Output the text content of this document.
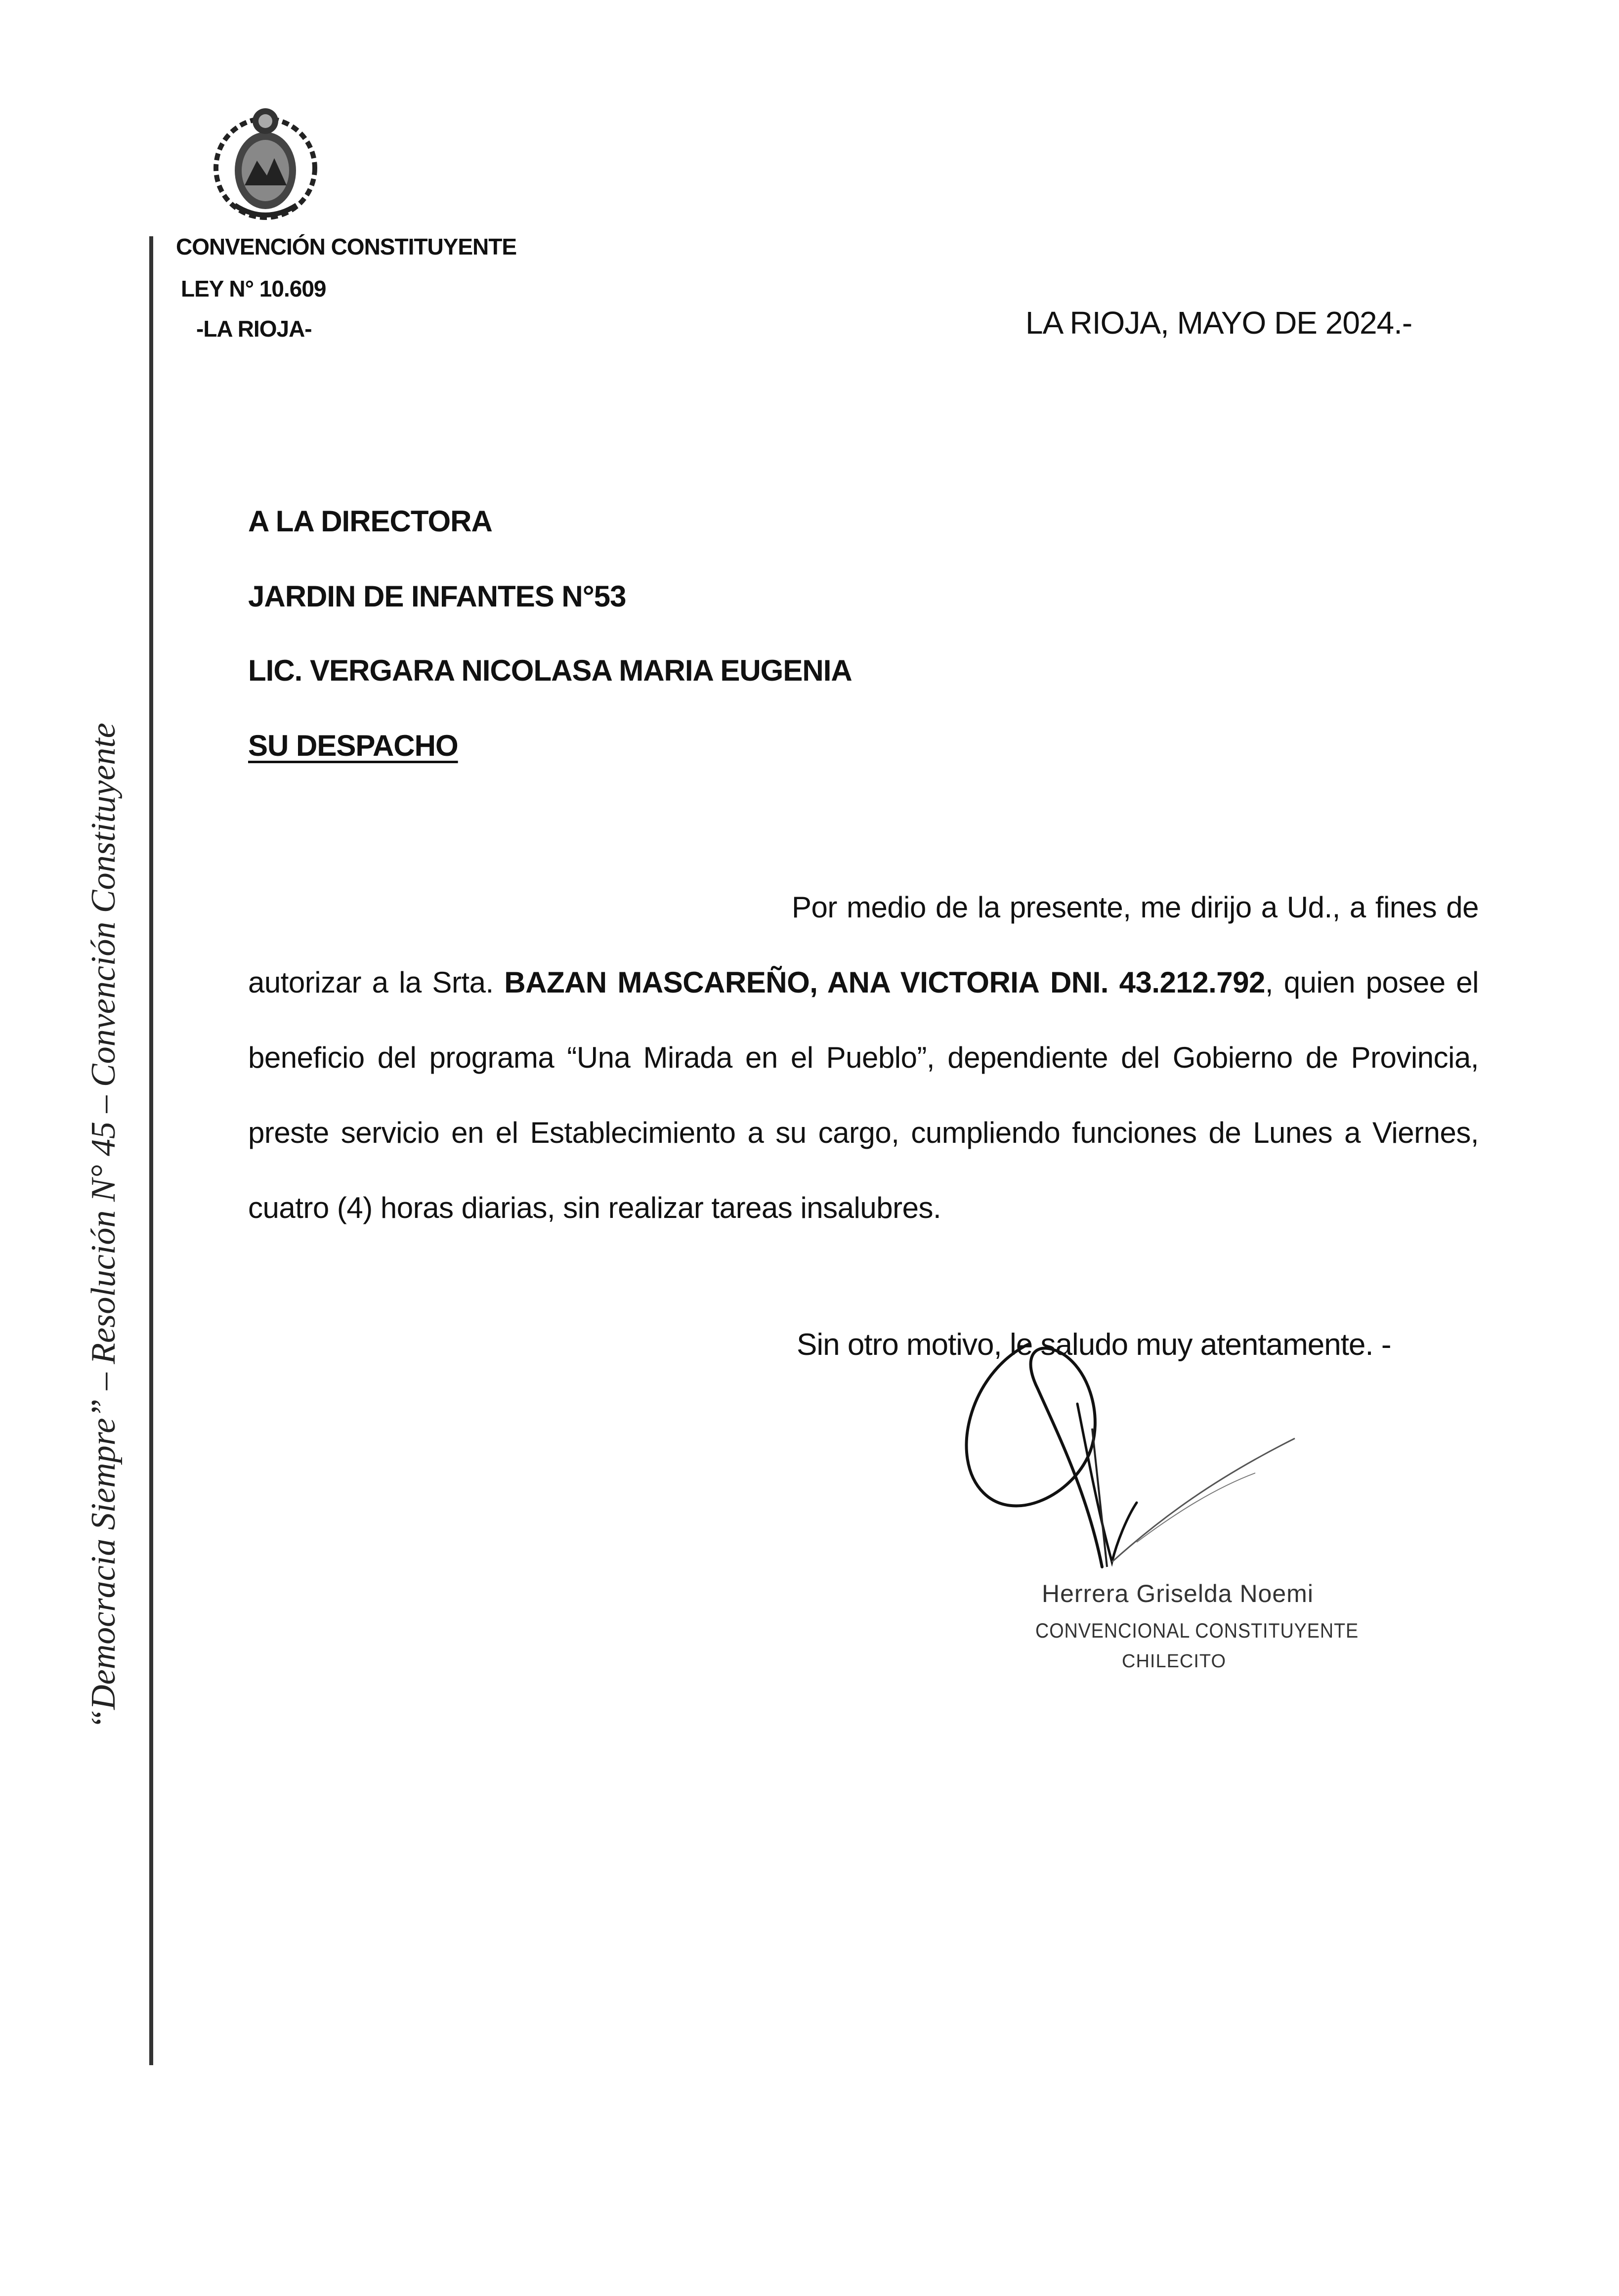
CONVENCIÓN CONSTITUYENTE
LEY N° 10.609
-LA RIOJA-	LA RIOJA, MAYO DE 2024.-
“Democracia Siempre” – Resolución N° 45 – Convención Constituyente
A LA DIRECTORA
JARDIN DE INFANTES N°53
LIC. VERGARA NICOLASA MARIA EUGENIA
SU DESPACHO
Por medio de la presente, me dirijo a Ud., a fines de autorizar a la Srta. BAZAN MASCAREÑO, ANA VICTORIA DNI. 43.212.792, quien posee el beneficio del programa “Una Mirada en el Pueblo”, dependiente del Gobierno de Provincia, preste servicio en el Establecimiento a su cargo, cumpliendo funciones de Lunes a Viernes, cuatro (4) horas diarias, sin realizar tareas insalubres.
Sin otro motivo, le saludo muy atentamente. -
Herrera Griselda Noemi
CONVENCIONAL CONSTITUYENTE
CHILECITO
